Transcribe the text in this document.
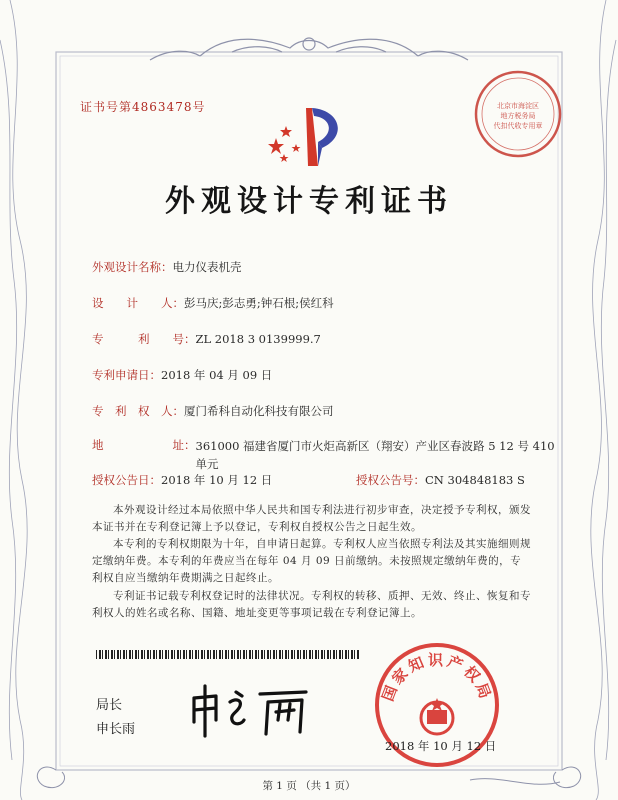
证书号第4863478号	北京市海淀区
地方税务局
代扣代收专用章
外观设计专利证书
外观设计名称：电力仪表机壳
设　　计　　人：彭马庆;彭志勇;钟石根;侯红科
专　　　利　　号：ZL 2018 3 0139999.7
专利申请日：2018 年 04 月 09 日
专　利　权　人：厦门希科自动化科技有限公司
地　　　　　　址：361000 福建省厦门市火炬高新区（翔安）产业区春波路 5 12 号 410 单元
授权公告日：2018 年 10 月 12 日	授权公告号：CN 304848183 S
本外观设计经过本局依照中华人民共和国专利法进行初步审查，决定授予专利权，颁发本证书并在专利登记簿上予以登记，专利权自授权公告之日起生效。
本专利的专利权期限为十年，自申请日起算。专利权人应当依照专利法及其实施细则规定缴纳年费。本专利的年费应当在每年 04 月 09 日前缴纳。未按照规定缴纳年费的，专利权自应当缴纳年费期满之日起终止。
专利证书记载专利权登记时的法律状况。专利权的转移、质押、无效、终止、恢复和专利权人的姓名或名称、国籍、地址变更等事项记载在专利登记簿上。
局长
申长雨
国家知识产权局
2018 年 10 月 12 日
第 1 页 （共 1 页）
